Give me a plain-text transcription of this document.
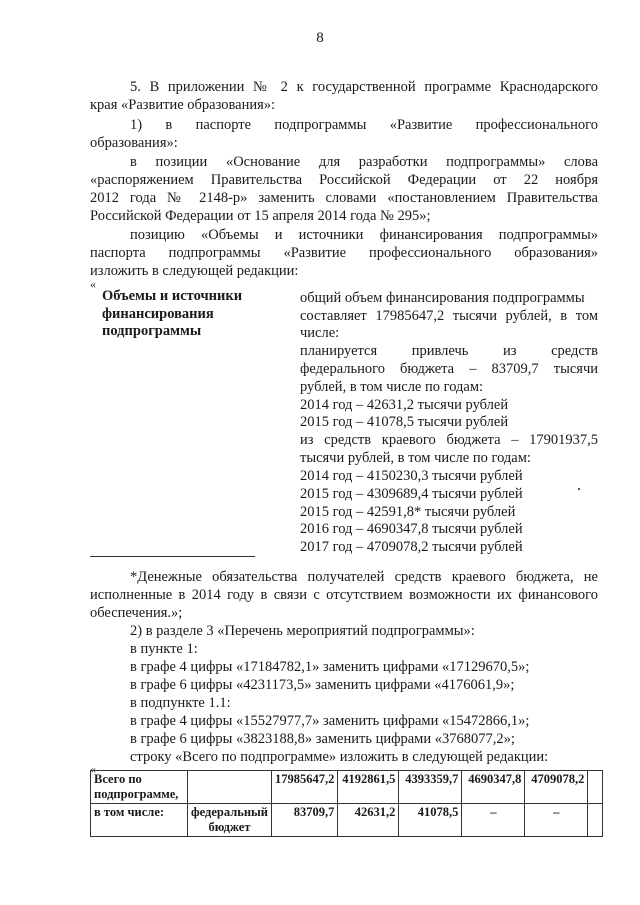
8
5. В приложении № 2 к государственной программе Краснодарского
края «Развитие образования»:
1) в паспорте подпрограммы «Развитие профессионального
образования»:
в позиции «Основание для разработки подпрограммы» слова
«распоряжением Правительства Российской Федерации от 22 ноября
2012 года № 2148-р» заменить словами «постановлением Правительства
Российской Федерации от 15 апреля 2014 года № 295»;
позицию «Объемы и источники финансирования подпрограммы»
паспорта подпрограммы «Развитие профессионального образования»
изложить в следующей редакции:
«
Объемы и источники
финансирования
подпрограммы
общий объем финансирования подпрограммы
составляет 17985647,2 тысячи рублей, в том
числе:
планируется привлечь из средств
федерального бюджета – 83709,7 тысячи
рублей, в том числе по годам:
2014 год – 42631,2 тысячи рублей
2015 год – 41078,5 тысячи рублей
из средств краевого бюджета – 17901937,5
тысячи рублей, в том числе по годам:
2014 год – 4150230,3 тысячи рублей
2015 год – 4309689,4 тысячи рублей
2015 год – 42591,8* тысячи рублей
2016 год – 4690347,8 тысячи рублей
2017 год – 4709078,2 тысячи рублей
*Денежные обязательства получателей средств краевого бюджета, не
исполненные в 2014 году в связи с отсутствием возможности их финансового
обеспечения.»;
2) в разделе 3 «Перечень мероприятий подпрограммы»:
в пункте 1:
в графе 4 цифры «17184782,1» заменить цифрами «17129670,5»;
в графе 6 цифры «4231173,5» заменить цифрами «4176061,9»;
в подпункте 1.1:
в графе 4 цифры «15527977,7» заменить цифрами «15472866,1»;
в графе 6 цифры «3823188,8» заменить цифрами «3768077,2»;
строку «Всего по подпрограмме» изложить в следующей редакции:
«
Всего по подпрограмме,		17985647,2	4192861,5	4393359,7	4690347,8	4709078,2	
в том числе:	федеральный бюджет	83709,7	42631,2	41078,5	–	–	
